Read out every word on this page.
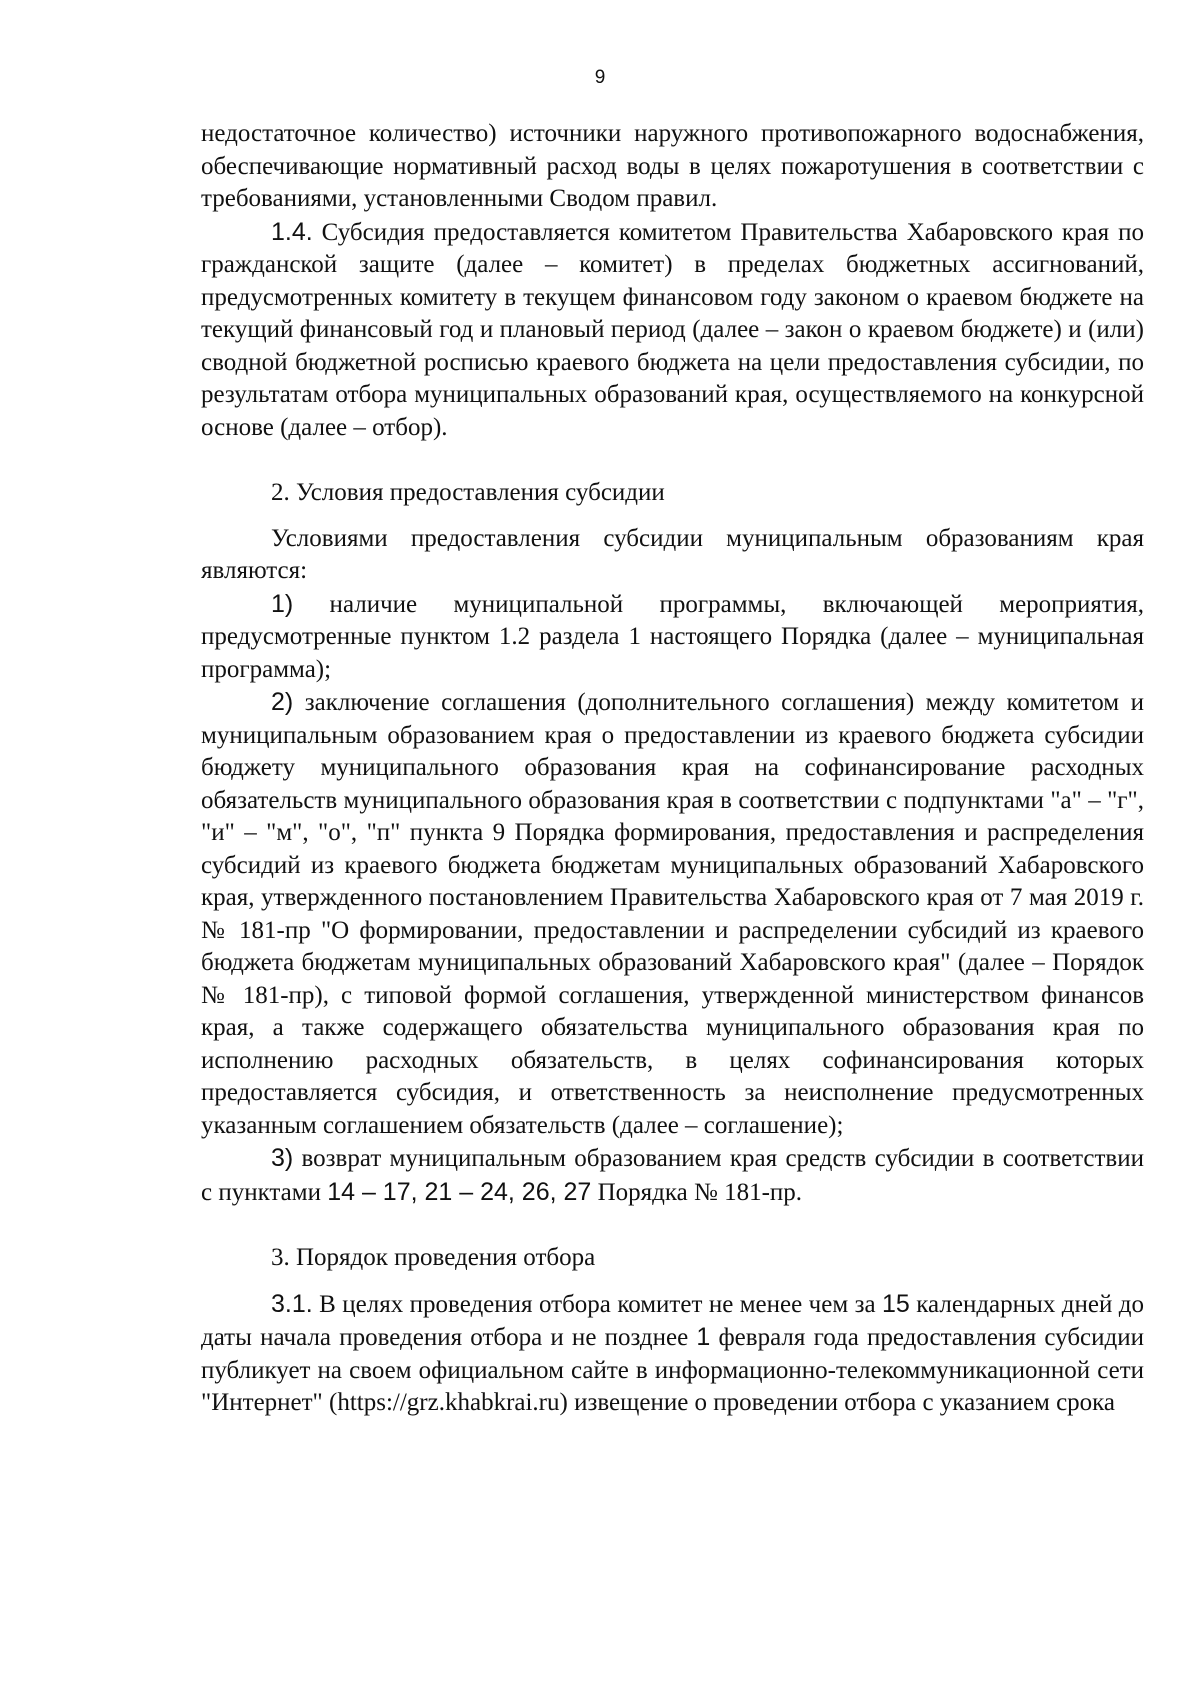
9

недостаточное количество) источники наружного противопожарного водоснабжения, обеспечивающие нормативный расход воды в целях пожаротушения в соответствии с требованиями, установленными Сводом правил.

1.4. Субсидия предоставляется комитетом Правительства Хабаровского края по гражданской защите (далее – комитет) в пределах бюджетных ассигнований, предусмотренных комитету в текущем финансовом году законом о краевом бюджете на текущий финансовый год и плановый период (далее – закон о краевом бюджете) и (или) сводной бюджетной росписью краевого бюджета на цели предоставления субсидии, по результатам отбора муниципальных образований края, осуществляемого на конкурсной основе (далее – отбор).

2. Условия предоставления субсидии

Условиями предоставления субсидии муниципальным образованиям края являются:

1) наличие муниципальной программы, включающей мероприятия, предусмотренные пунктом 1.2 раздела 1 настоящего Порядка (далее – муниципальная программа);

2) заключение соглашения (дополнительного соглашения) между комитетом и муниципальным образованием края о предоставлении из краевого бюджета субсидии бюджету муниципального образования края на софинансирование расходных обязательств муниципального образования края в соответствии с подпунктами "а" – "г", "и" – "м", "о", "п" пункта 9 Порядка формирования, предоставления и распределения субсидий из краевого бюджета бюджетам муниципальных образований Хабаровского края, утвержденного постановлением Правительства Хабаровского края от 7 мая 2019 г. № 181-пр "О формировании, предоставлении и распределении субсидий из краевого бюджета бюджетам муниципальных образований Хабаровского края" (далее – Порядок № 181-пр), с типовой формой соглашения, утвержденной министерством финансов края, а также содержащего обязательства муниципального образования края по исполнению расходных обязательств, в целях софинансирования которых предоставляется субсидия, и ответственность за неисполнение предусмотренных указанным соглашением обязательств (далее – соглашение);

3) возврат муниципальным образованием края средств субсидии в соответствии с пунктами 14 – 17, 21 – 24, 26, 27 Порядка № 181-пр.

3. Порядок проведения отбора

3.1. В целях проведения отбора комитет не менее чем за 15 календарных дней до даты начала проведения отбора и не позднее 1 февраля года предоставления субсидии публикует на своем официальном сайте в информационно-телекоммуникационной сети "Интернет" (https://grz.khabkrai.ru) извещение о проведении отбора с указанием срока
